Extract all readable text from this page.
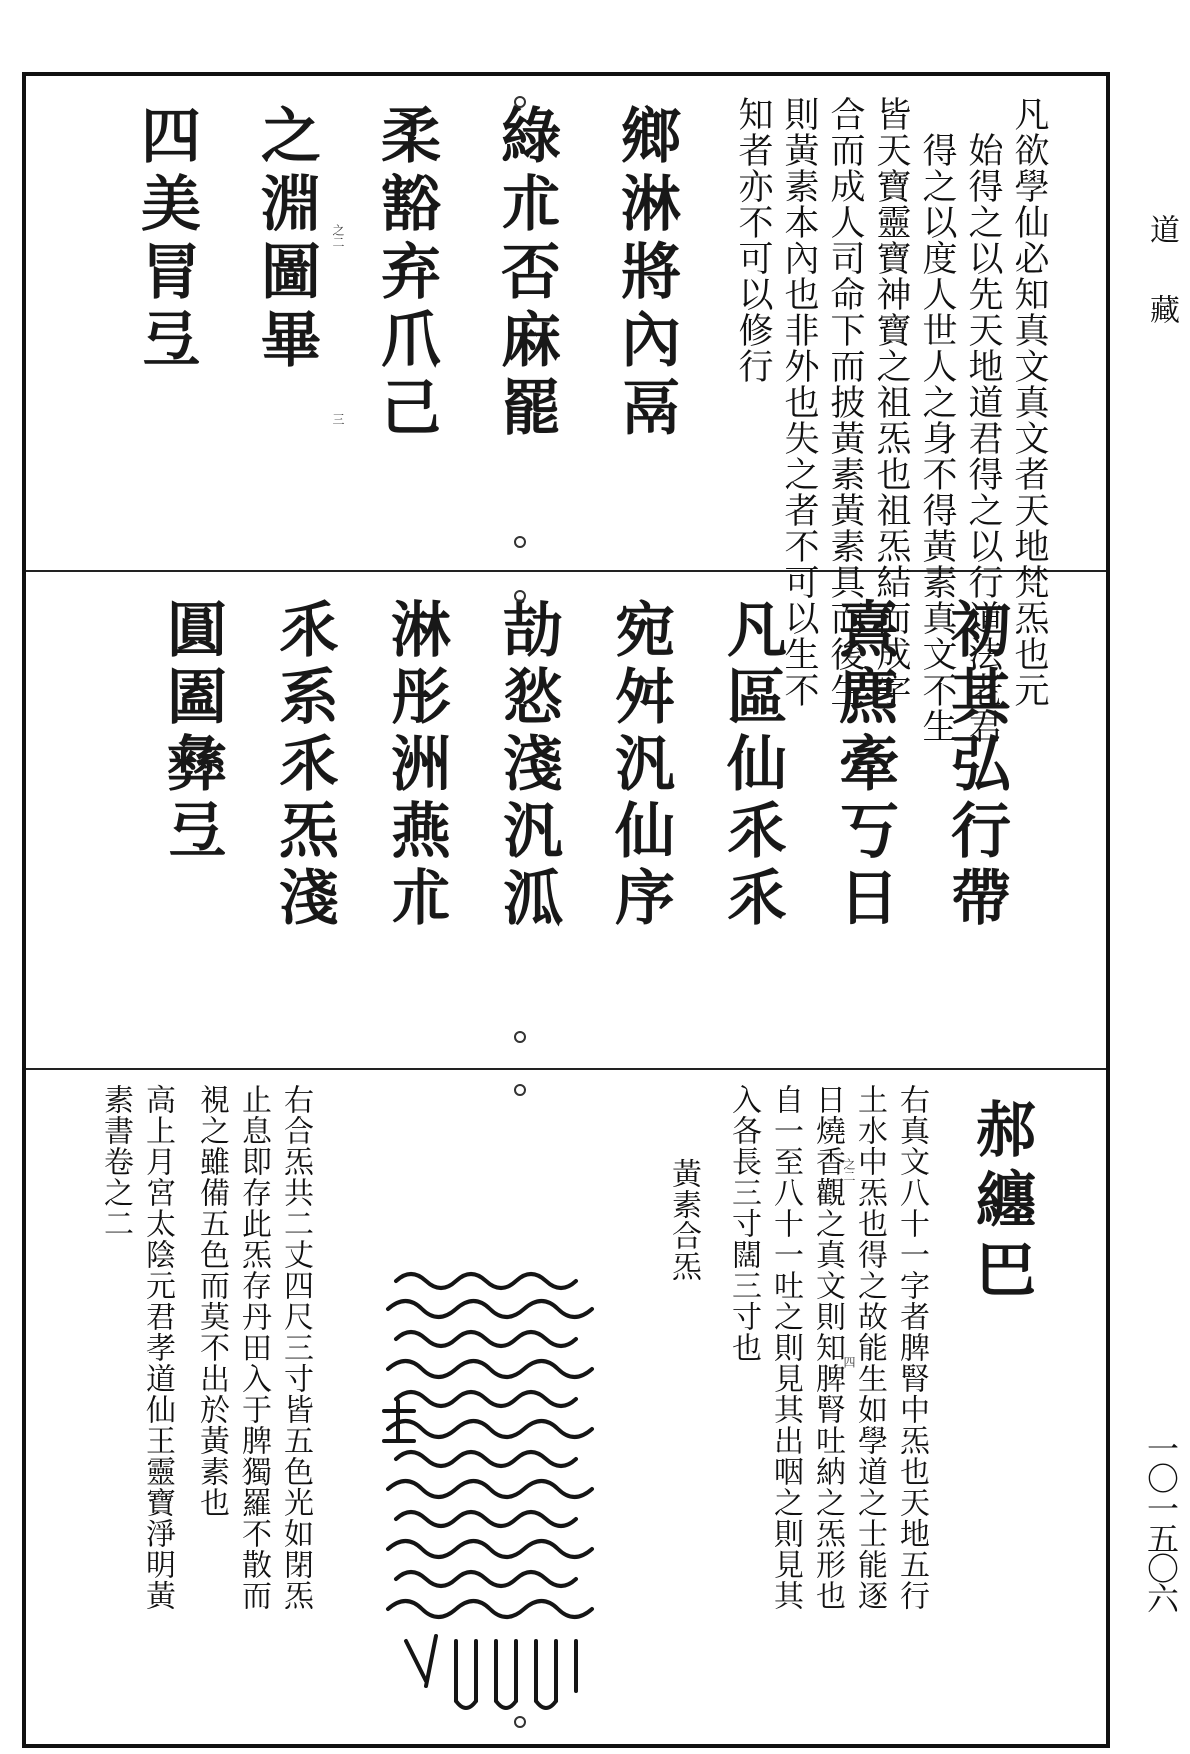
道藏
一〇一五〇六
凡欲學仙必知真文真文者天地梵炁也元
始得之以先天地道君得之以行道法老君
得之以度人世人之身不得黃素真文不生
皆天寶靈寶神寶之祖炁也祖炁結而成字
合而成人司命下而披黃素黃素具而後生
則黃素本內也非外也失之者不可以生不
知者亦不可以修行
鄉淋將內鬲
綠朮否麻罷
柔豁弃爪己
之淵圖畢
四美冐弖	之二
三
初其弘行帶
熹麃牽丂日
凡區仙乑乑
宛舛汎仙序
劼悐淺汎泒
淋彤洲燕朮
乑系乑炁淺
圓圔彝弖
郝纏巴
右真文八十一字者脾腎中炁也天地五行
土水中炁也得之故能生如學道之士能逐
日燒香觀之真文則知脾腎吐納之炁形也
自一至八十一吐之則見其出咽之則見其
入各長三寸闊三寸也	之二
四
黃素合炁
右合炁共二丈四尺三寸皆五色光如閉炁
止息即存此炁存丹田入于脾獨羅不散而
視之雖備五色而莫不出於黃素也
高上月宮太陰元君孝道仙王靈寶淨明黃
素書卷之二
